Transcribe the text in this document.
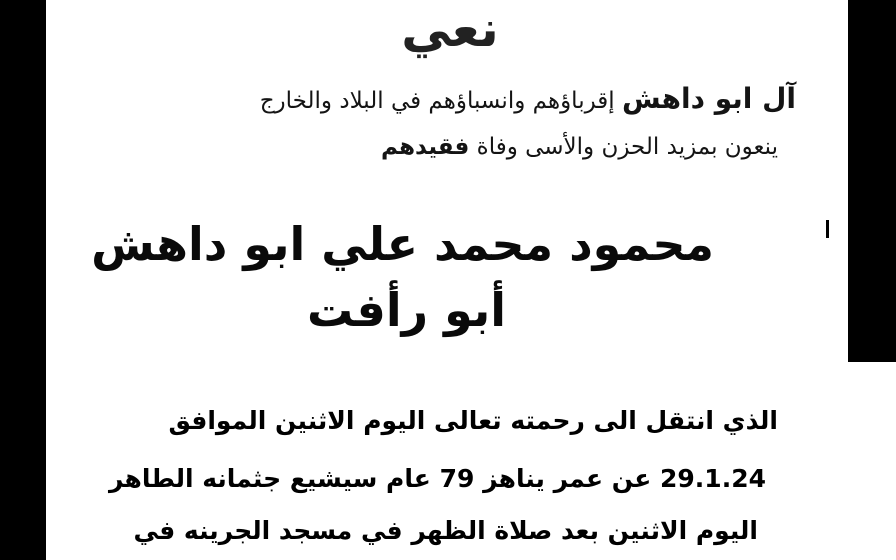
نعي
آل ابو داهش إقرباؤهم وانسباؤهم في البلاد والخارج
ينعون بمزيد الحزن والأسى وفاة فقيدهم
محمود محمد علي ابو داهش
أبو رأفت
الذي انتقل الى رحمته تعالى اليوم الاثنين الموافق
29.1.24 عن عمر يناهز 79 عام سيشيع جثمانه الطاهر
اليوم الاثنين بعد صلاة الظهر في مسجد الجرينه في
